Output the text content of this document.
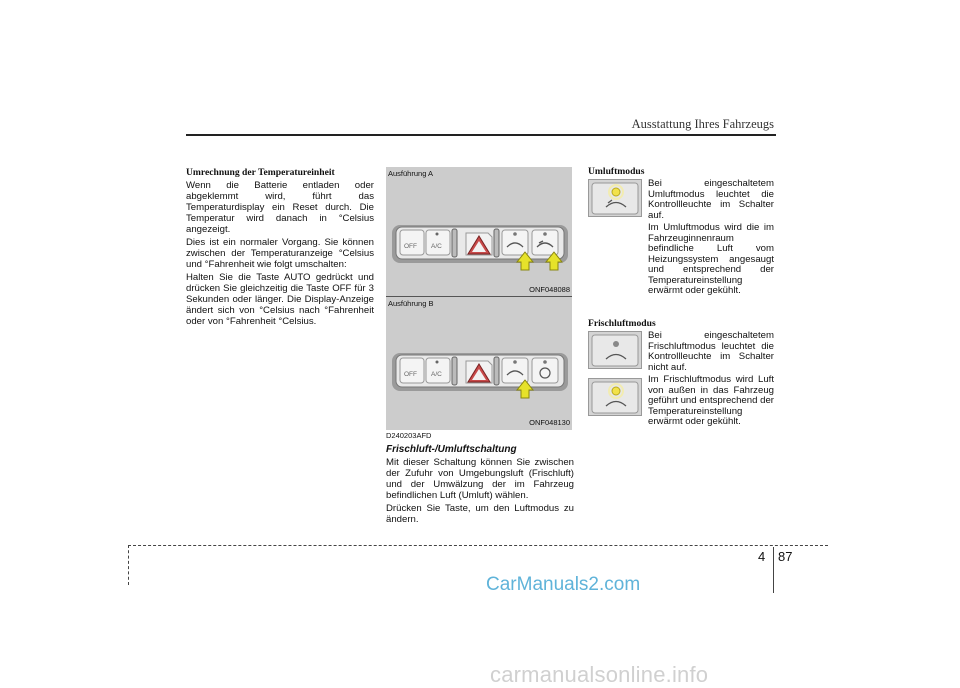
Ausstattung Ihres Fahrzeugs
Umrechnung der Temperatureinheit

Wenn die Batterie entladen oder abgeklemmt wird, führt das Temperaturdisplay ein Reset durch. Die Temperatur wird danach in °Celsius angezeigt.

Dies ist ein normaler Vorgang. Sie können zwischen der Temperaturanzeige °Celsius und °Fahrenheit wie folgt umschalten:

Halten Sie die Taste AUTO gedrückt und drücken Sie gleichzeitig die Taste OFF für 3 Sekunden oder länger. Die Display-Anzeige ändert sich von °Celsius nach °Fahrenheit oder von °Fahrenheit °Celsius.

Ausführung A
OFF A/C
ONF048088
Ausführung B
OFF A/C
ONF048130
D240203AFD
Frischluft-/Umluftschaltung

Mit dieser Schaltung können Sie zwischen der Zufuhr von Umgebungsluft (Frischluft) und der Umwälzung der im Fahrzeug befindlichen Luft (Umluft) wählen.

Drücken Sie Taste, um den Luftmodus zu ändern.

Umluftmodus

Bei eingeschaltetem Umluftmodus leuchtet die Kontrollleuchte im Schalter auf.

Im Umluftmodus wird die im Fahrzeuginnenraum befindliche Luft vom Heizungssystem angesaugt und entsprechend der Temperatureinstellung erwärmt oder gekühlt.

Frischluftmodus

Bei eingeschaltetem Frischluftmodus leuchtet die Kontrollleuchte im Schalter nicht auf.

Im Frischluftmodus wird Luft von außen in das Fahrzeug geführt und entsprechend der Temperatureinstellung erwärmt oder gekühlt.

4 87
CarManuals2.com
carmanualsonline.info
